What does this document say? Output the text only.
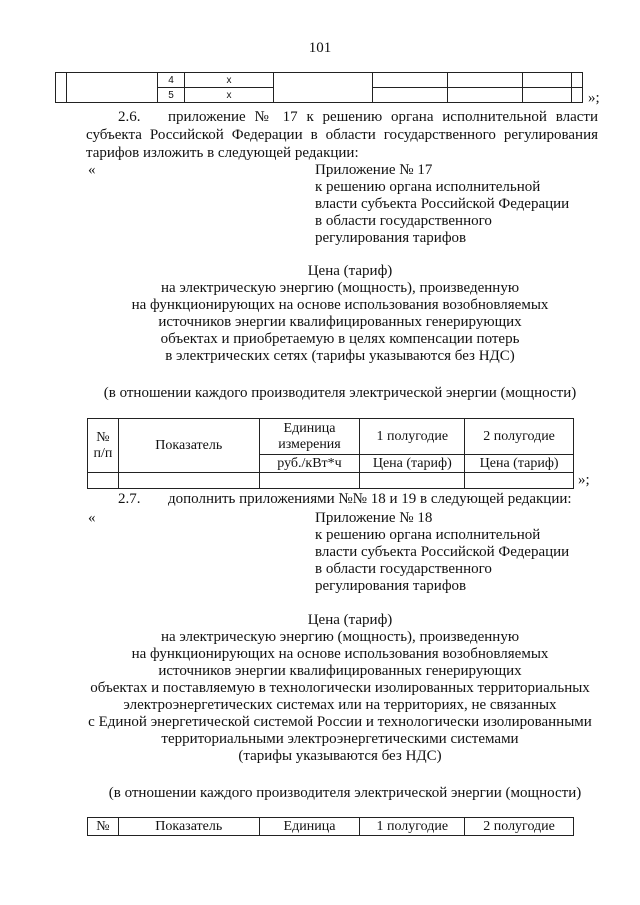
101
		4	x					
		5	x						»;
2.6. приложение № 17 к решению органа исполнительной власти
субъекта Российской Федерации в области государственного регулирования
тарифов изложить в следующей редакции:
«	Приложение № 17
к решению органа исполнительной
власти субъекта Российской Федерации
в области государственного
регулирования тарифов
Цена (тариф)
на электрическую энергию (мощность), произведенную
на функционирующих на основе использования возобновляемых
источников энергии квалифицированных генерирующих
объектах и приобретаемую в целях компенсации потерь
в электрических сетях (тарифы указываются без НДС)
(в отношении каждого производителя электрической энергии (мощности)
№
п/п	Показатель	Единица измерения	1 полугодие	2 полугодие
		руб./кВт*ч	Цена (тариф)	Цена (тариф)

»;
2.7. дополнить приложениями №№ 18 и 19 в следующей редакции:
«	Приложение № 18
к решению органа исполнительной
власти субъекта Российской Федерации
в области государственного
регулирования тарифов
Цена (тариф)
на электрическую энергию (мощность), произведенную
на функционирующих на основе использования возобновляемых
источников энергии квалифицированных генерирующих
объектах и поставляемую в технологически изолированных территориальных
электроэнергетических системах или на территориях, не связанных
с Единой энергетической системой России и технологически изолированными
территориальными электроэнергетическими системами
(тарифы указываются без НДС)
(в отношении каждого производителя электрической энергии (мощности)
№	Показатель	Единица	1 полугодие	2 полугодие
